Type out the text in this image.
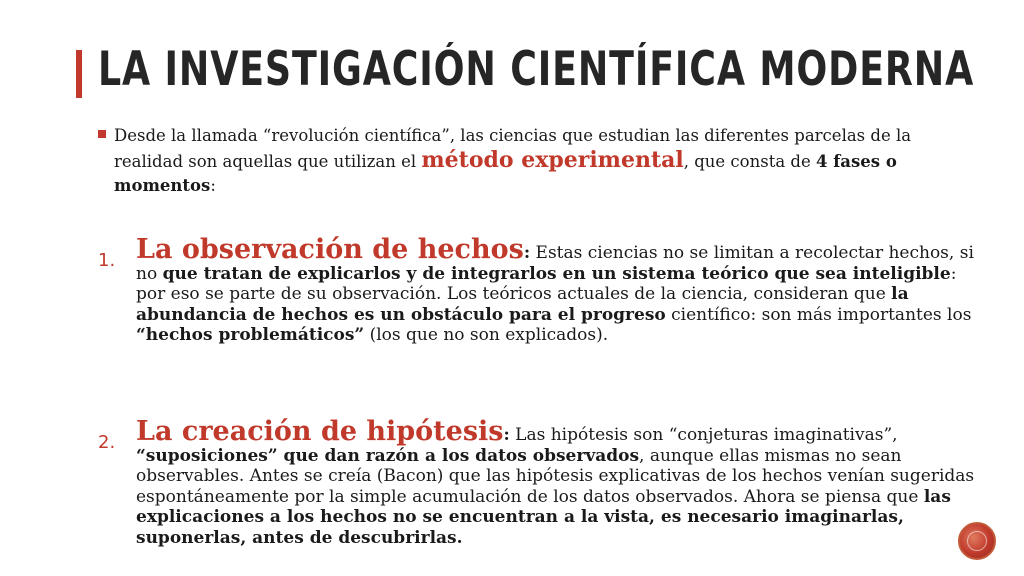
LA INVESTIGACIÓN CIENTÍFICA MODERNA
Desde la llamada “revolución científica”, las ciencias que estudian las diferentes parcelas de la realidad son aquellas que utilizan el método experimental, que consta de 4 fases o momentos:
1. La observación de hechos: Estas ciencias no se limitan a recolectar hechos, si no que tratan de explicarlos y de integrarlos en un sistema teórico que sea inteligible: por eso se parte de su observación. Los teóricos actuales de la ciencia, consideran que la abundancia de hechos es un obstáculo para el progreso científico: son más importantes los “hechos problemáticos” (los que no son explicados).
2. La creación de hipótesis: Las hipótesis son “conjeturas imaginativas”, “suposiciones” que dan razón a los datos observados, aunque ellas mismas no sean observables. Antes se creía (Bacon) que las hipótesis explicativas de los hechos venían sugeridas espontáneamente por la simple acumulación de los datos observados. Ahora se piensa que las explicaciones a los hechos no se encuentran a la vista, es necesario imaginarlas, suponerlas, antes de descubrirlas.
